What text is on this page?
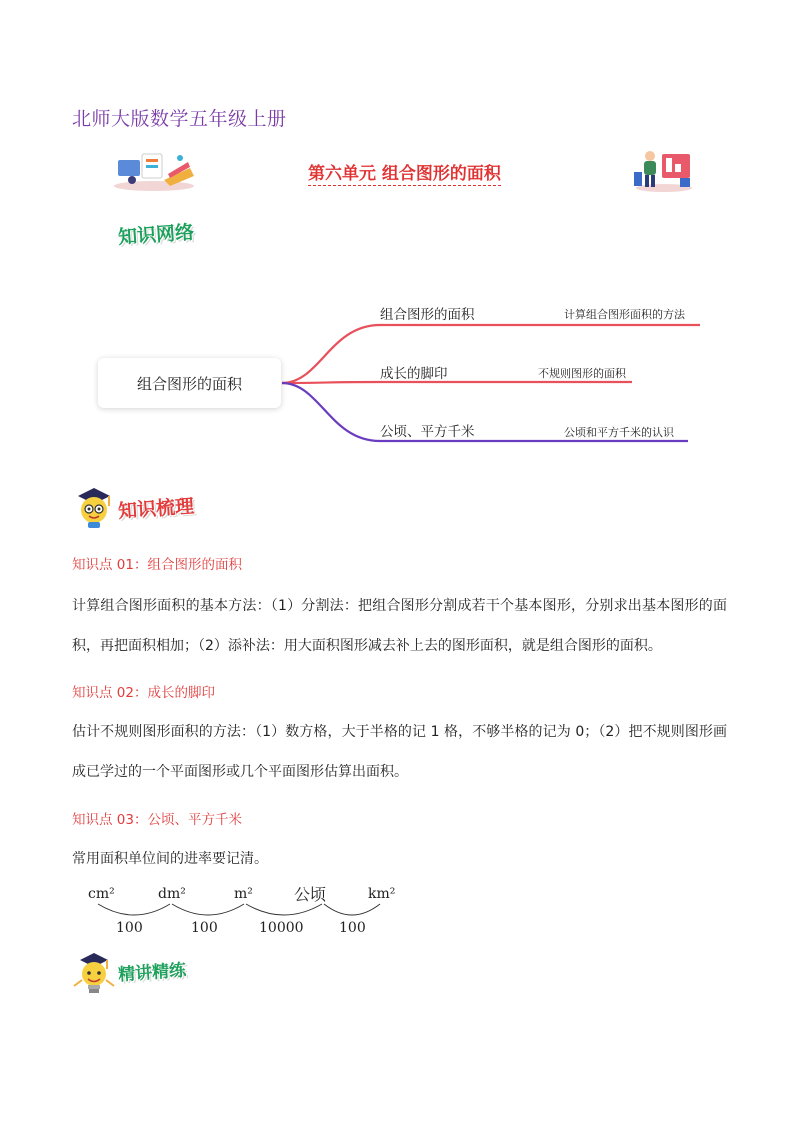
北师大版数学五年级上册
第六单元 组合图形的面积
知识网络
组合图形的面积
组合图形的面积	计算组合图形面积的方法
成长的脚印	不规则图形的面积
公顷、平方千米	公顷和平方千米的认识
知识梳理
知识点 01：组合图形的面积
计算组合图形面积的基本方法：（1）分割法：把组合图形分割成若干个基本图形，分别求出基本图形的面积，再把面积相加；（2）添补法：用大面积图形减去补上去的图形面积，就是组合图形的面积。
知识点 02：成长的脚印
估计不规则图形面积的方法：（1）数方格，大于半格的记 1 格，不够半格的记为 0；（2）把不规则图形画成已学过的一个平面图形或几个平面图形估算出面积。
知识点 03：公顷、平方千米
常用面积单位间的进率要记清。
cm²	dm²	m²	公顷	km²
100	100	10000	100
精讲精练
